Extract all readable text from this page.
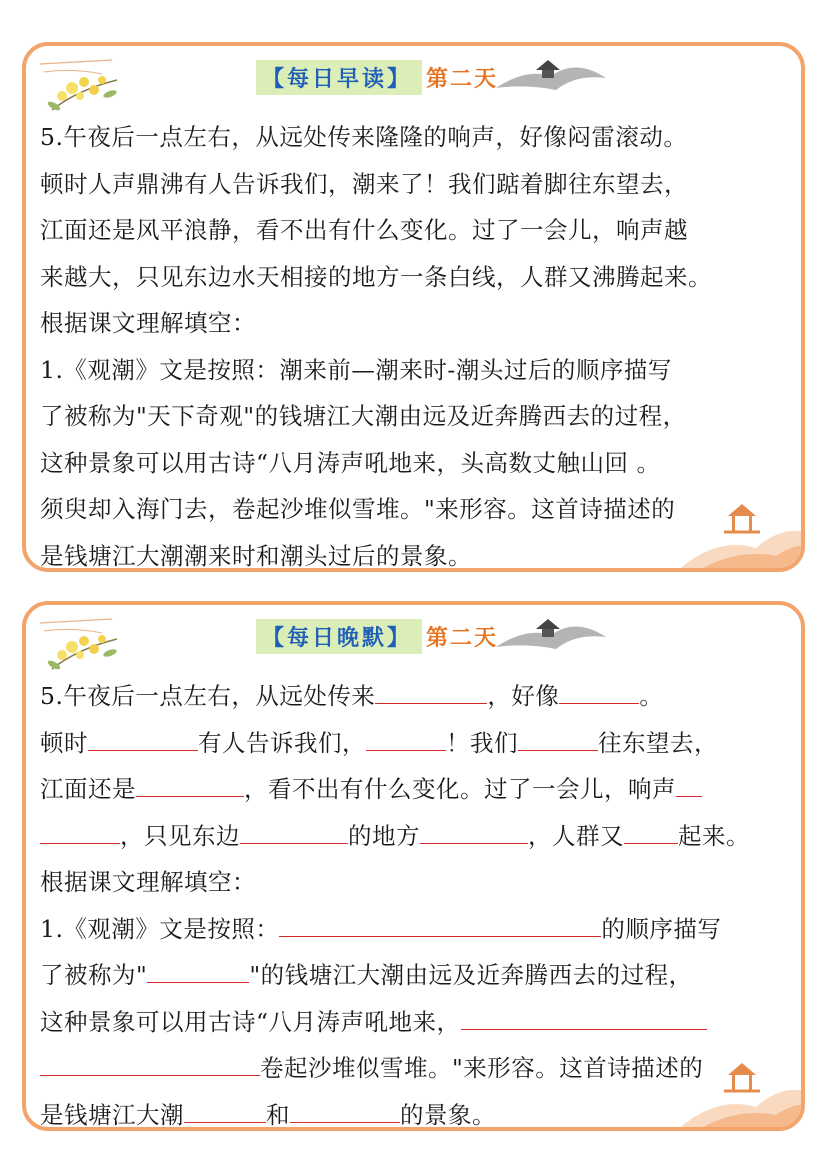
【每日早读】 第二天
5.午夜后一点左右，从远处传来隆隆的响声，好像闷雷滚动。
顿时人声鼎沸有人告诉我们，潮来了！我们踮着脚往东望去，
江面还是风平浪静，看不出有什么变化。过了一会儿，响声越
来越大，只见东边水天相接的地方一条白线，人群又沸腾起来。
根据课文理解填空：
1.《观潮》文是按照：潮来前—潮来时-潮头过后的顺序描写
了被称为"天下奇观"的钱塘江大潮由远及近奔腾西去的过程，
这种景象可以用古诗“八月涛声吼地来，头高数丈触山回 。
须臾却入海门去，卷起沙堆似雪堆。"来形容。这首诗描述的
是钱塘江大潮潮来时和潮头过后的景象。
【每日晚默】 第二天
5.午夜后一点左右，从远处传来	，好像	。
顿时	有人告诉我们，	！我们	往东望去，
江面还是	，看不出有什么变化。过了一会儿，响声
，只见东边	的地方	，人群又 起来。
根据课文理解填空：
1.《观潮》文是按照：	的顺序描写
了被称为"	"的钱塘江大潮由远及近奔腾西去的过程，
这种景象可以用古诗“八月涛声吼地来，
卷起沙堆似雪堆。"来形容。这首诗描述的
是钱塘江大潮	和	的景象。
